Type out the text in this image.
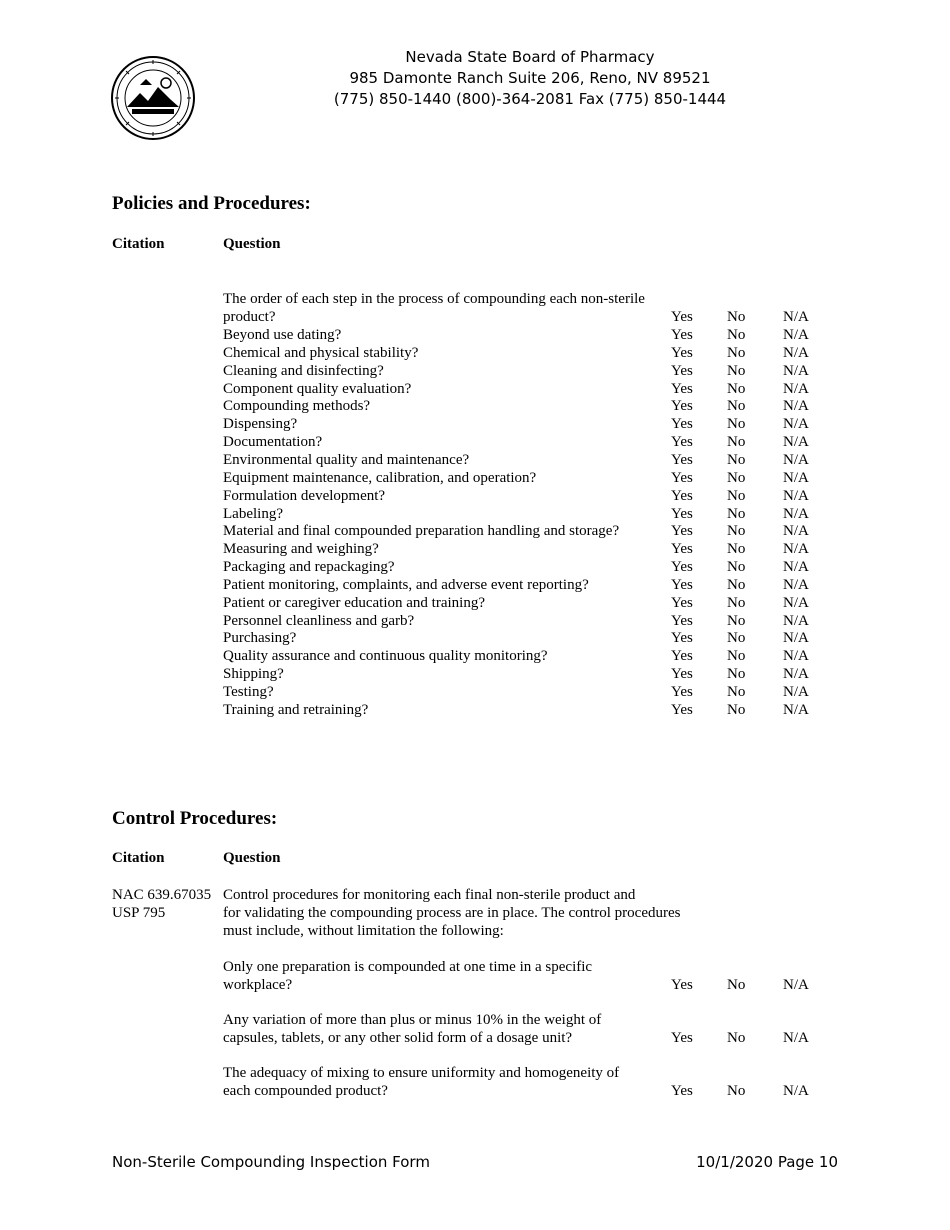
Nevada State Board of Pharmacy
985 Damonte Ranch Suite 206, Reno, NV 89521
(775) 850-1440 (800)-364-2081 Fax (775) 850-1444
Policies and Procedures:
Citation	Question
The order of each step in the process of compounding each non-sterile
product?	Yes No	N/A
Beyond use dating?	Yes No	N/A
Chemical and physical stability?	Yes No	N/A
Cleaning and disinfecting?	Yes No	N/A
Component quality evaluation?	Yes No	N/A
Compounding methods?	Yes No	N/A
Dispensing?	Yes No	N/A
Documentation?	Yes No	N/A
Environmental quality and maintenance?	Yes No	N/A
Equipment maintenance, calibration, and operation?	Yes No	N/A
Formulation development?	Yes No	N/A
Labeling?	Yes No	N/A
Material and final compounded preparation handling and storage?	Yes No	N/A
Measuring and weighing?	Yes No	N/A
Packaging and repackaging?	Yes No	N/A
Patient monitoring, complaints, and adverse event reporting?	Yes No	N/A
Patient or caregiver education and training?	Yes No	N/A
Personnel cleanliness and garb?	Yes No	N/A
Purchasing?	Yes No	N/A
Quality assurance and continuous quality monitoring?	Yes No	N/A
Shipping?	Yes No	N/A
Testing?	Yes No	N/A
Training and retraining?	Yes No	N/A
Control Procedures:
Citation	Question
NAC 639.67035
USP 795
Control procedures for monitoring each final non-sterile product and
for validating the compounding process are in place. The control procedures
must include, without limitation the following:
Only one preparation is compounded at one time in a specific
workplace?	Yes No	N/A
Any variation of more than plus or minus 10% in the weight of
capsules, tablets, or any other solid form of a dosage unit?	Yes No	N/A
The adequacy of mixing to ensure uniformity and homogeneity of
each compounded product?	Yes No	N/A
Non-Sterile Compounding Inspection Form	10/1/2020 Page 10
